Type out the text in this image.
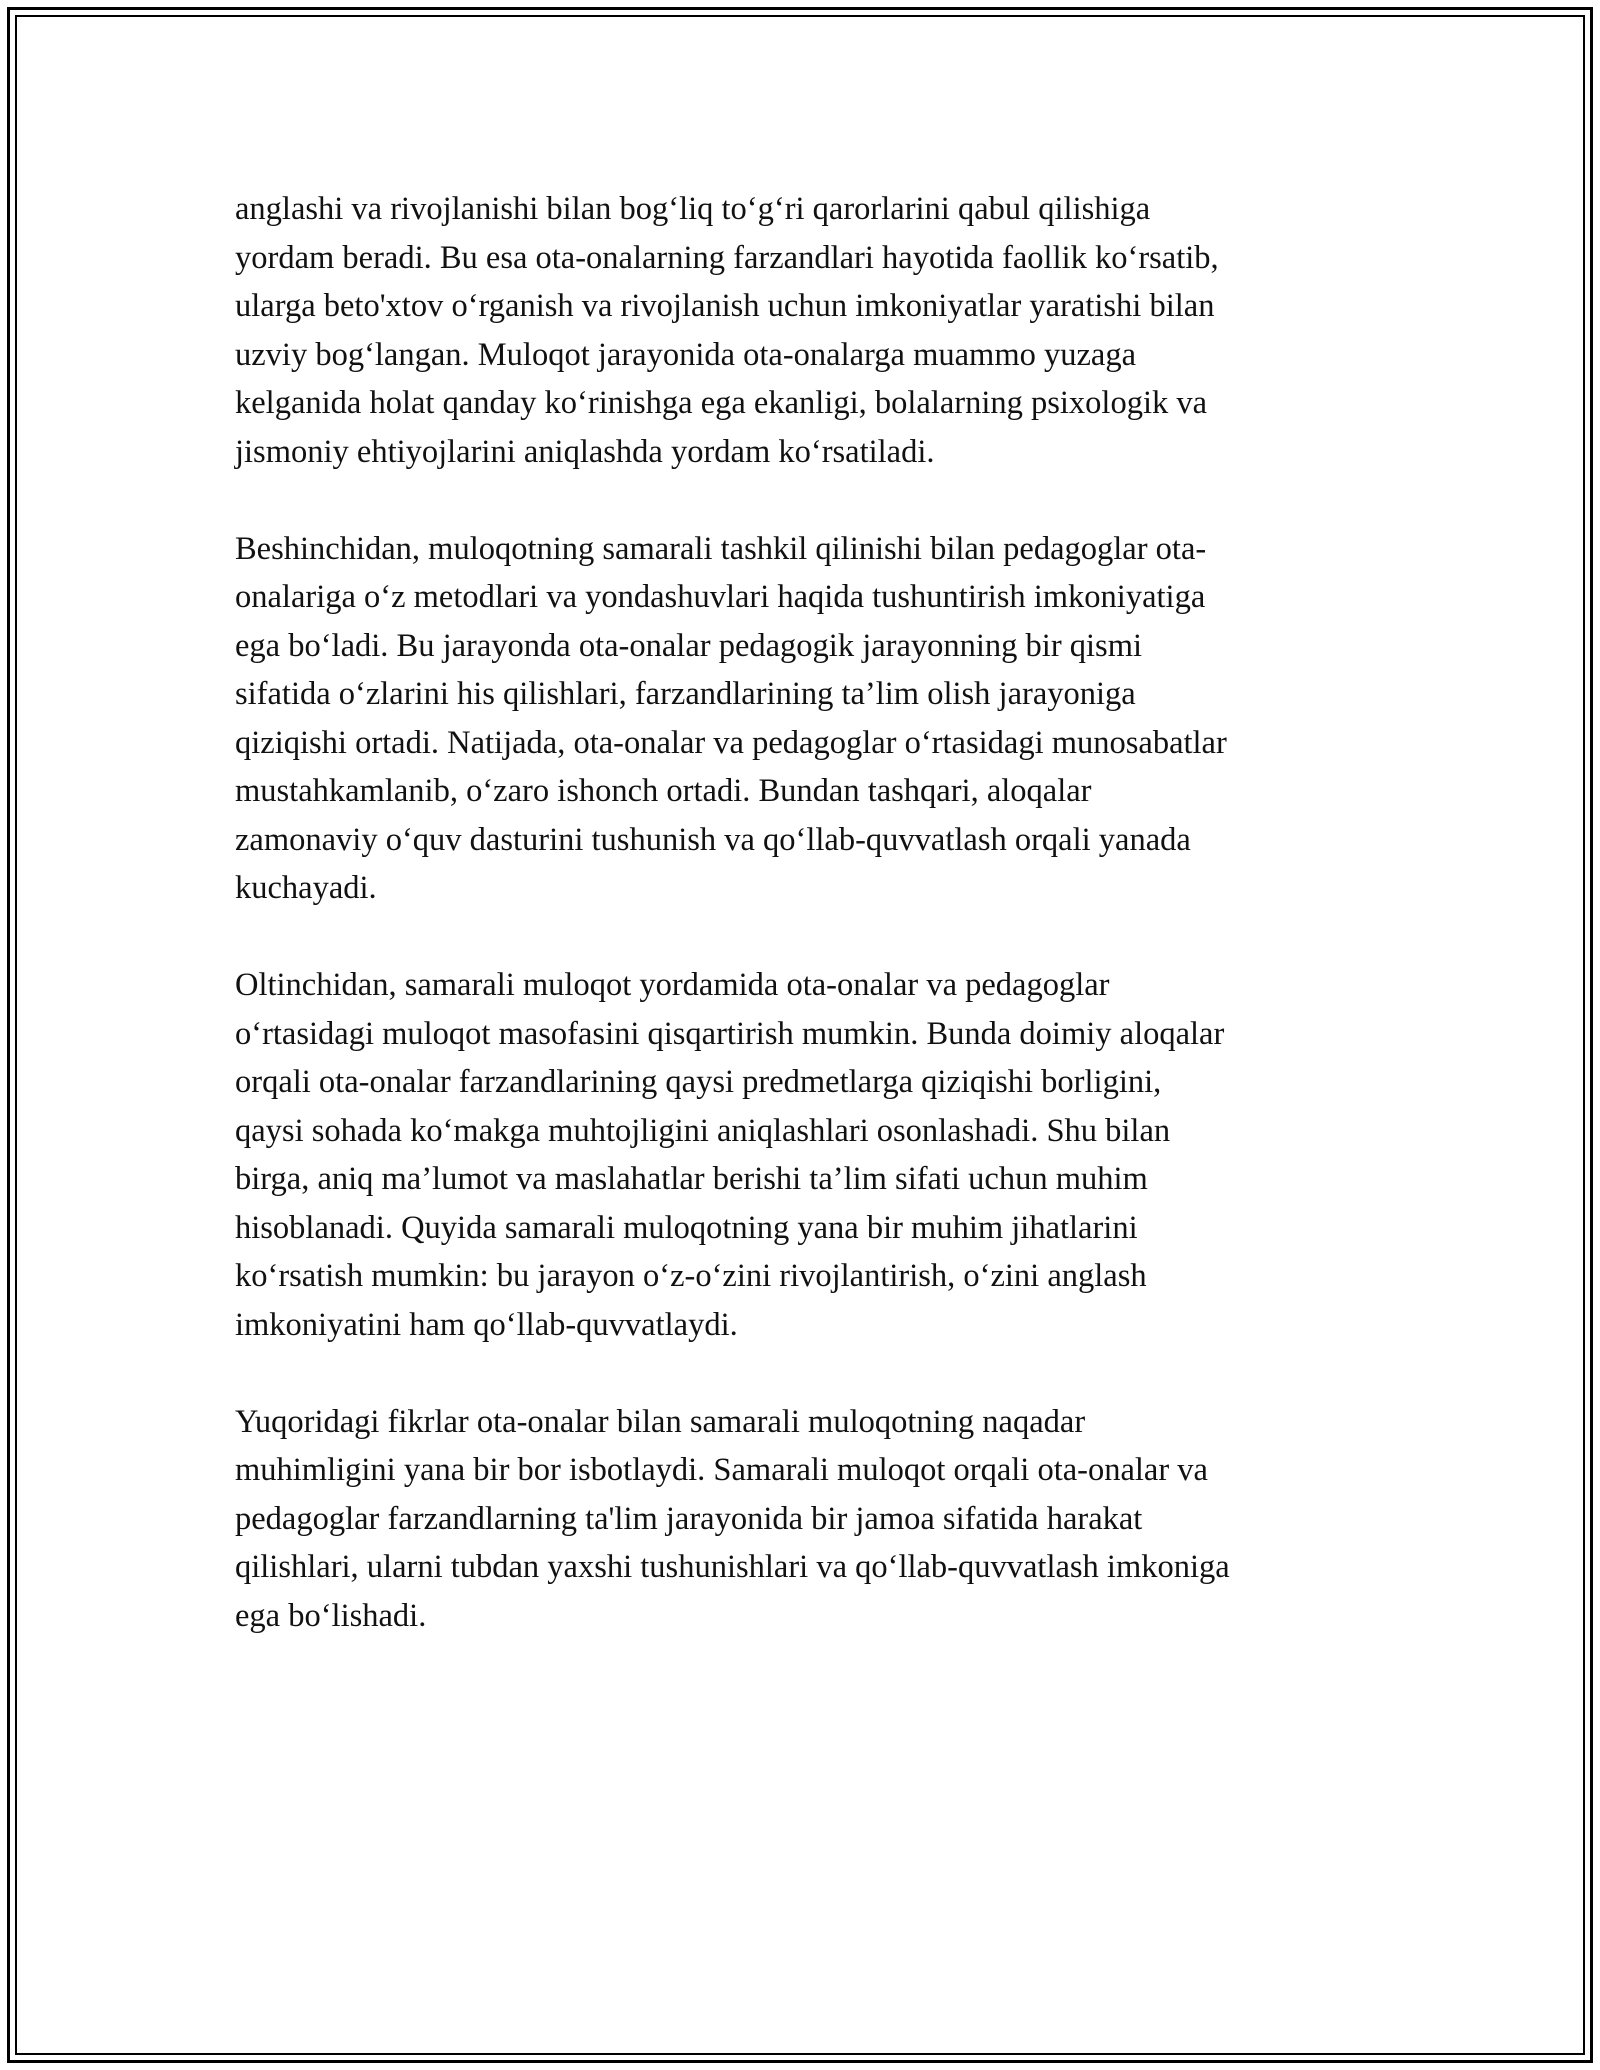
anglashi va rivojlanishi bilan bog‘liq to‘g‘ri qarorlarini qabul qilishiga
yordam beradi. Bu esa ota-onalarning farzandlari hayotida faollik ko‘rsatib,
ularga beto'xtov o‘rganish va rivojlanish uchun imkoniyatlar yaratishi bilan
uzviy bog‘langan. Muloqot jarayonida ota-onalarga muammo yuzaga
kelganida holat qanday ko‘rinishga ega ekanligi, bolalarning psixologik va
jismoniy ehtiyojlarini aniqlashda yordam ko‘rsatiladi.

Beshinchidan, muloqotning samarali tashkil qilinishi bilan pedagoglar ota-
onalariga o‘z metodlari va yondashuvlari haqida tushuntirish imkoniyatiga
ega bo‘ladi. Bu jarayonda ota-onalar pedagogik jarayonning bir qismi
sifatida o‘zlarini his qilishlari, farzandlarining ta’lim olish jarayoniga
qiziqishi ortadi. Natijada, ota-onalar va pedagoglar o‘rtasidagi munosabatlar
mustahkamlanib, o‘zaro ishonch ortadi. Bundan tashqari, aloqalar
zamonaviy o‘quv dasturini tushunish va qo‘llab-quvvatlash orqali yanada
kuchayadi.

Oltinchidan, samarali muloqot yordamida ota-onalar va pedagoglar
o‘rtasidagi muloqot masofasini qisqartirish mumkin. Bunda doimiy aloqalar
orqali ota-onalar farzandlarining qaysi predmetlarga qiziqishi borligini,
qaysi sohada ko‘makga muhtojligini aniqlashlari osonlashadi. Shu bilan
birga, aniq ma’lumot va maslahatlar berishi ta’lim sifati uchun muhim
hisoblanadi. Quyida samarali muloqotning yana bir muhim jihatlarini
ko‘rsatish mumkin: bu jarayon o‘z-o‘zini rivojlantirish, o‘zini anglash
imkoniyatini ham qo‘llab-quvvatlaydi.

Yuqoridagi fikrlar ota-onalar bilan samarali muloqotning naqadar
muhimligini yana bir bor isbotlaydi. Samarali muloqot orqali ota-onalar va
pedagoglar farzandlarning ta'lim jarayonida bir jamoa sifatida harakat
qilishlari, ularni tubdan yaxshi tushunishlari va qo‘llab-quvvatlash imkoniga
ega bo‘lishadi.
